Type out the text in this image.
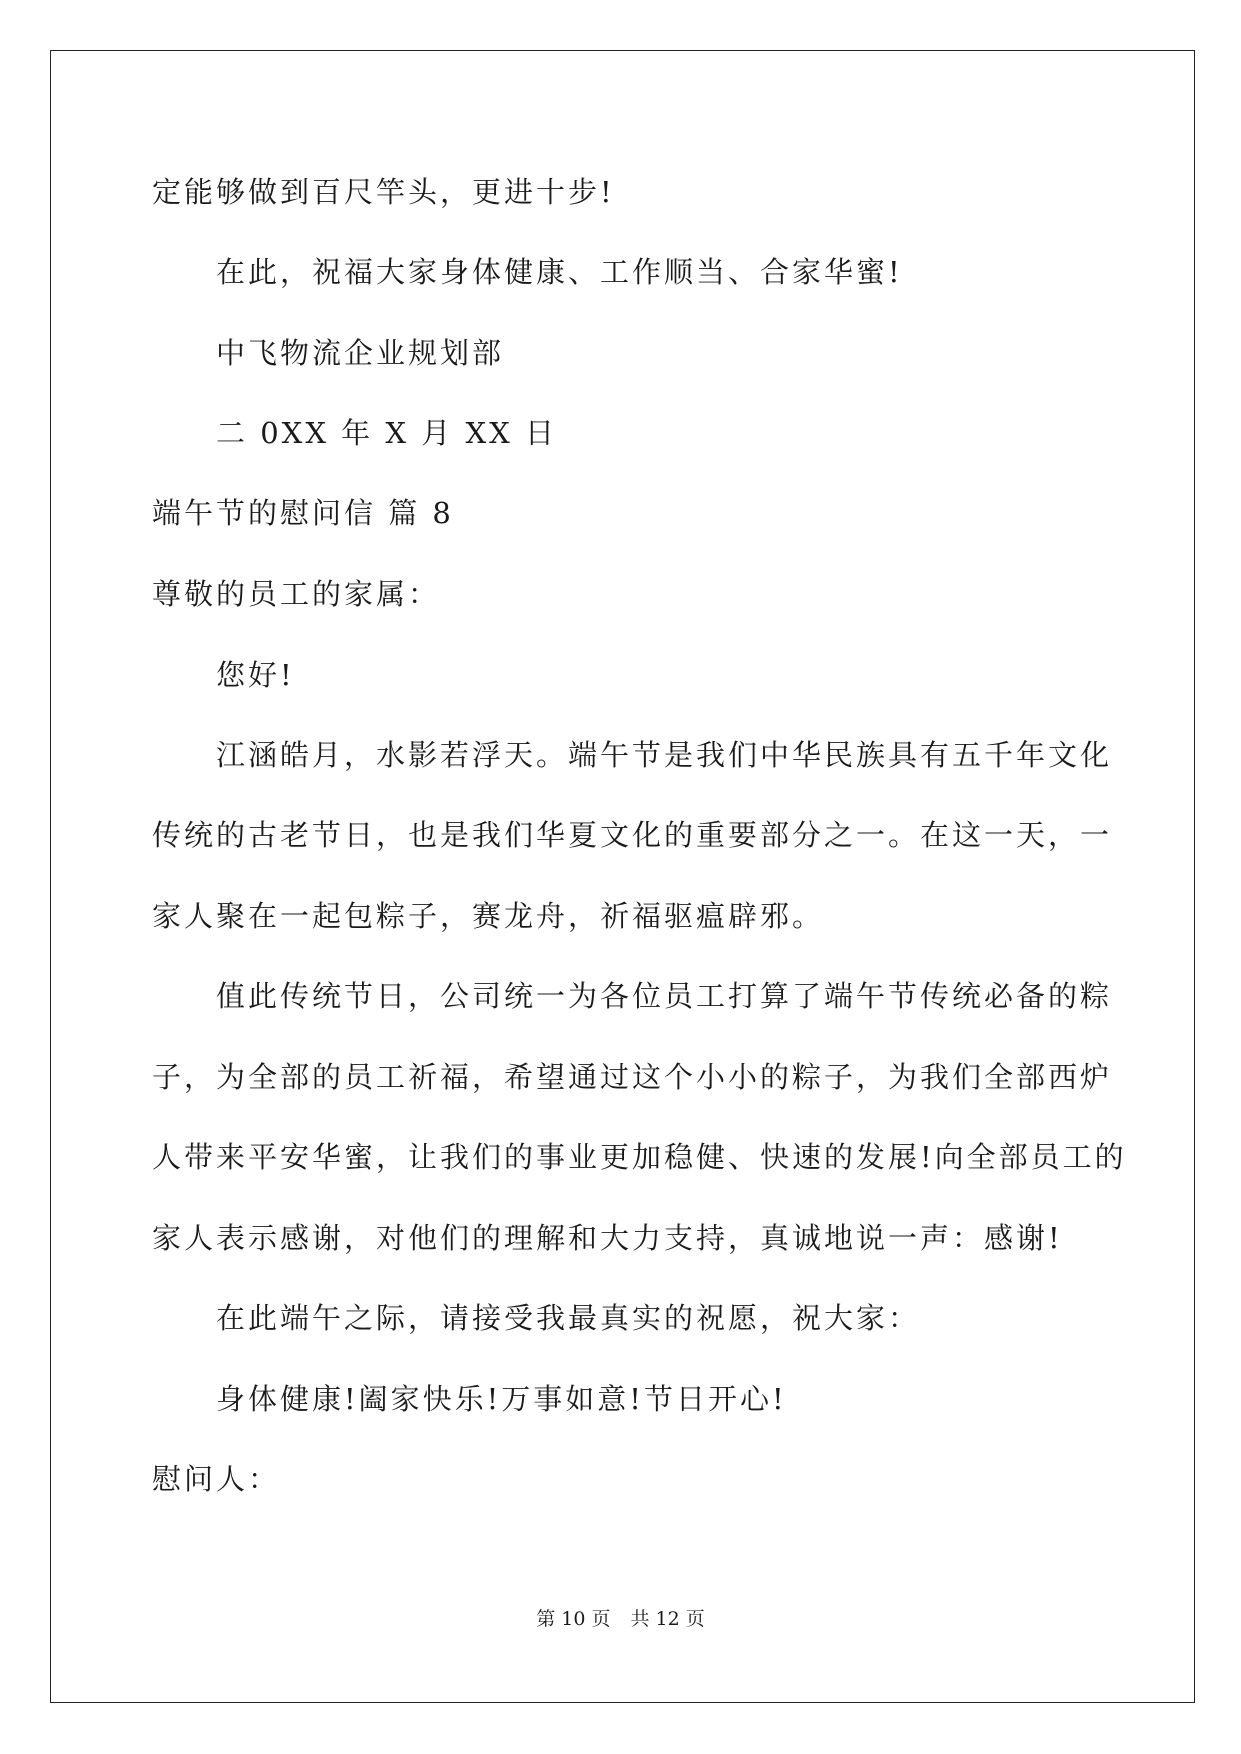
定能够做到百尺竿头，更进十步!
在此，祝福大家身体健康、工作顺当、合家华蜜!
中飞物流企业规划部
二 0XX 年 X 月 XX 日
端午节的慰问信 篇 8
尊敬的员工的家属：
您好!
江涵皓月，水影若浮天。端午节是我们中华民族具有五千年文化
传统的古老节日，也是我们华夏文化的重要部分之一。在这一天，一
家人聚在一起包粽子，赛龙舟，祈福驱瘟辟邪。
值此传统节日，公司统一为各位员工打算了端午节传统必备的粽
子，为全部的员工祈福，希望通过这个小小的粽子，为我们全部西炉
人带来平安华蜜，让我们的事业更加稳健、快速的发展!向全部员工的
家人表示感谢，对他们的理解和大力支持，真诚地说一声：感谢!
在此端午之际，请接受我最真实的祝愿，祝大家：
身体健康!阖家快乐!万事如意!节日开心!
慰问人：
第 10 页 共 12 页
